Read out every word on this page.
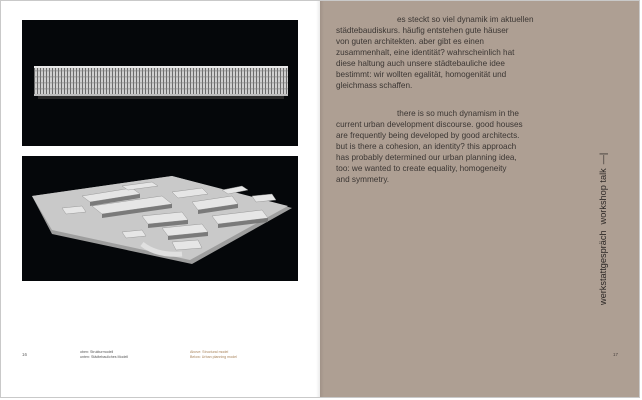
16	oben: Strukturmodell
unten: Städtebauliches Modell
Above: Structural model
Below: Urban planning model

es steckt so viel dynamik im aktuellen

städtebaudiskurs. häufig entstehen gute häuser

von guten architekten. aber gibt es einen

zusammenhalt, eine identität? wahrscheinlich hat

diese haltung auch unsere städtebauliche idee

bestimmt: wir wollten egalität, homogenität und

gleichmass schaffen.

there is so much dynamism in the

current urban development discourse. good houses

are frequently being developed by good architects.

but is there a cohesion, an identity? this approach

has probably determined our urban planning idea,

too: we wanted to create equality, homogeneity

and symmetry.

werkstattgesprächworkshop talk—|
17
